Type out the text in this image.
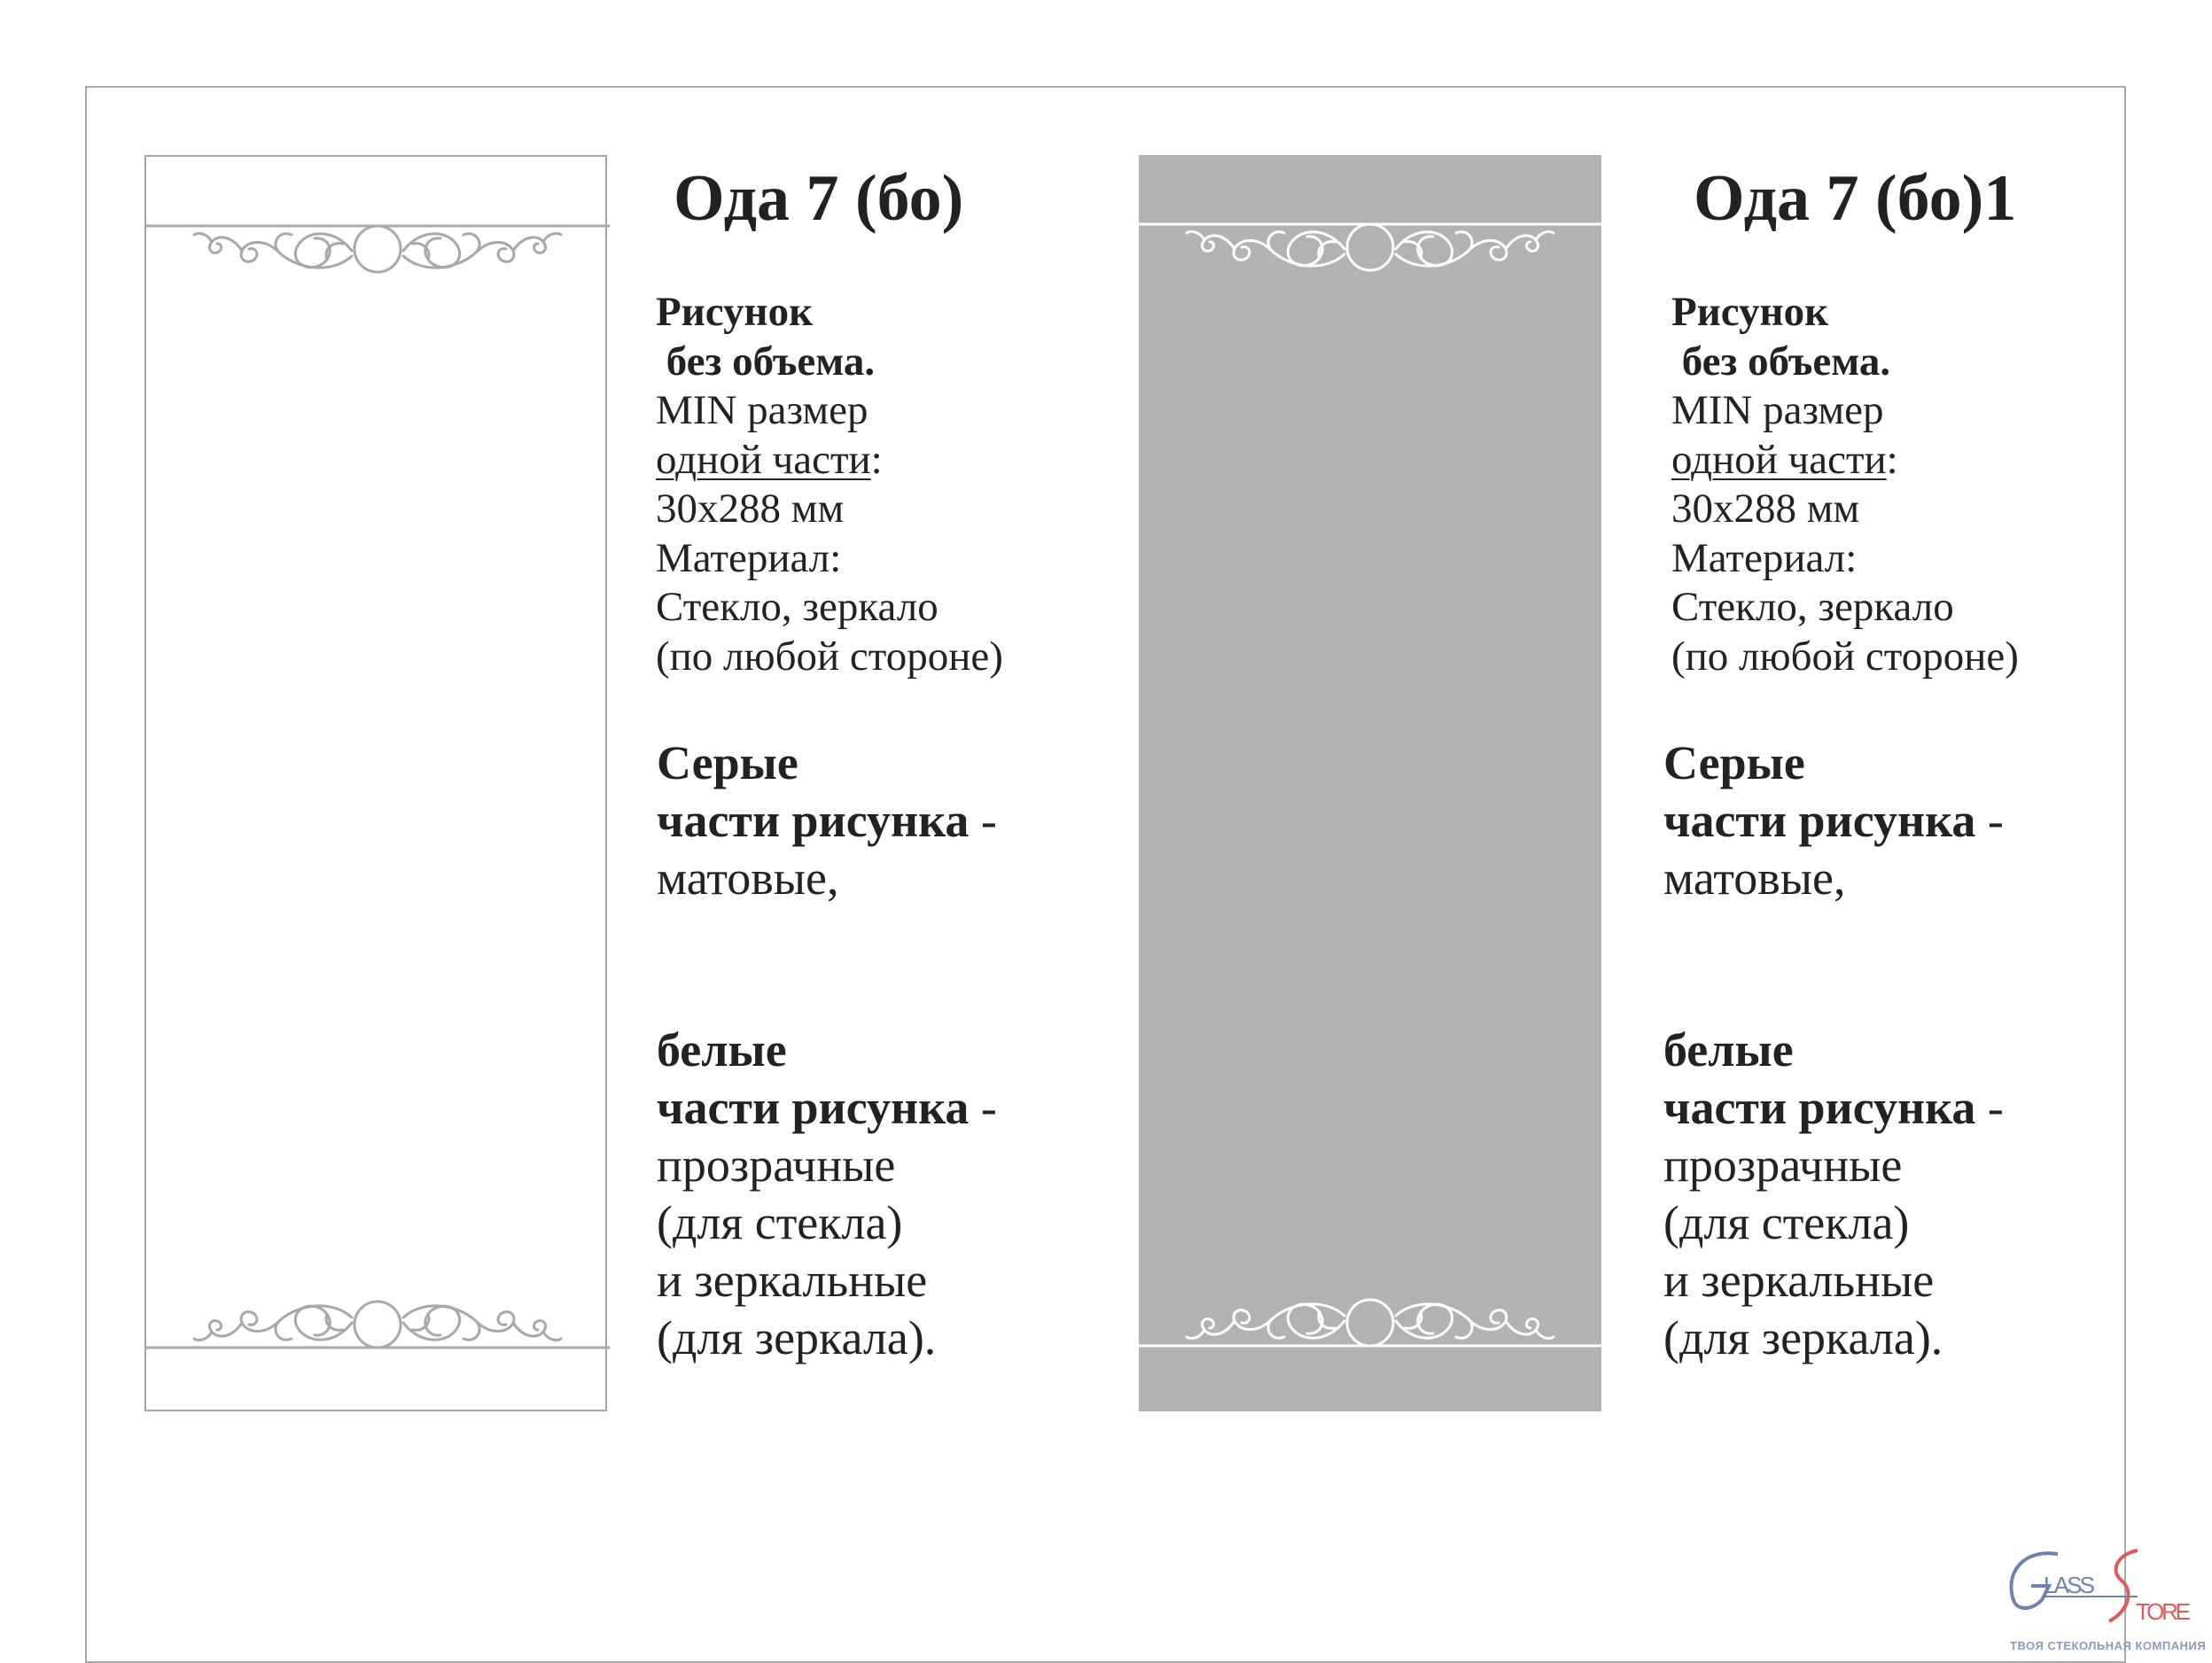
Ода 7 (бо)
Рисунок
без объема.
MIN размер
одной части:
30x288 мм
Материал:
Стекло, зеркало
(по любой стороне)
Серые
части рисунка -
матовые,
белые
части рисунка -
прозрачные
(для стекла)
и зеркальные
(для зеркала).
Ода 7 (бо)1
Рисунок
без объема.
MIN размер
одной части:
30x288 мм
Материал:
Стекло, зеркало
(по любой стороне)
Серые
части рисунка -
матовые,
белые
части рисунка -
прозрачные
(для стекла)
и зеркальные
(для зеркала).
LASS
TORE
ТВОЯ СТЕКОЛЬНАЯ КОМПАНИЯ
